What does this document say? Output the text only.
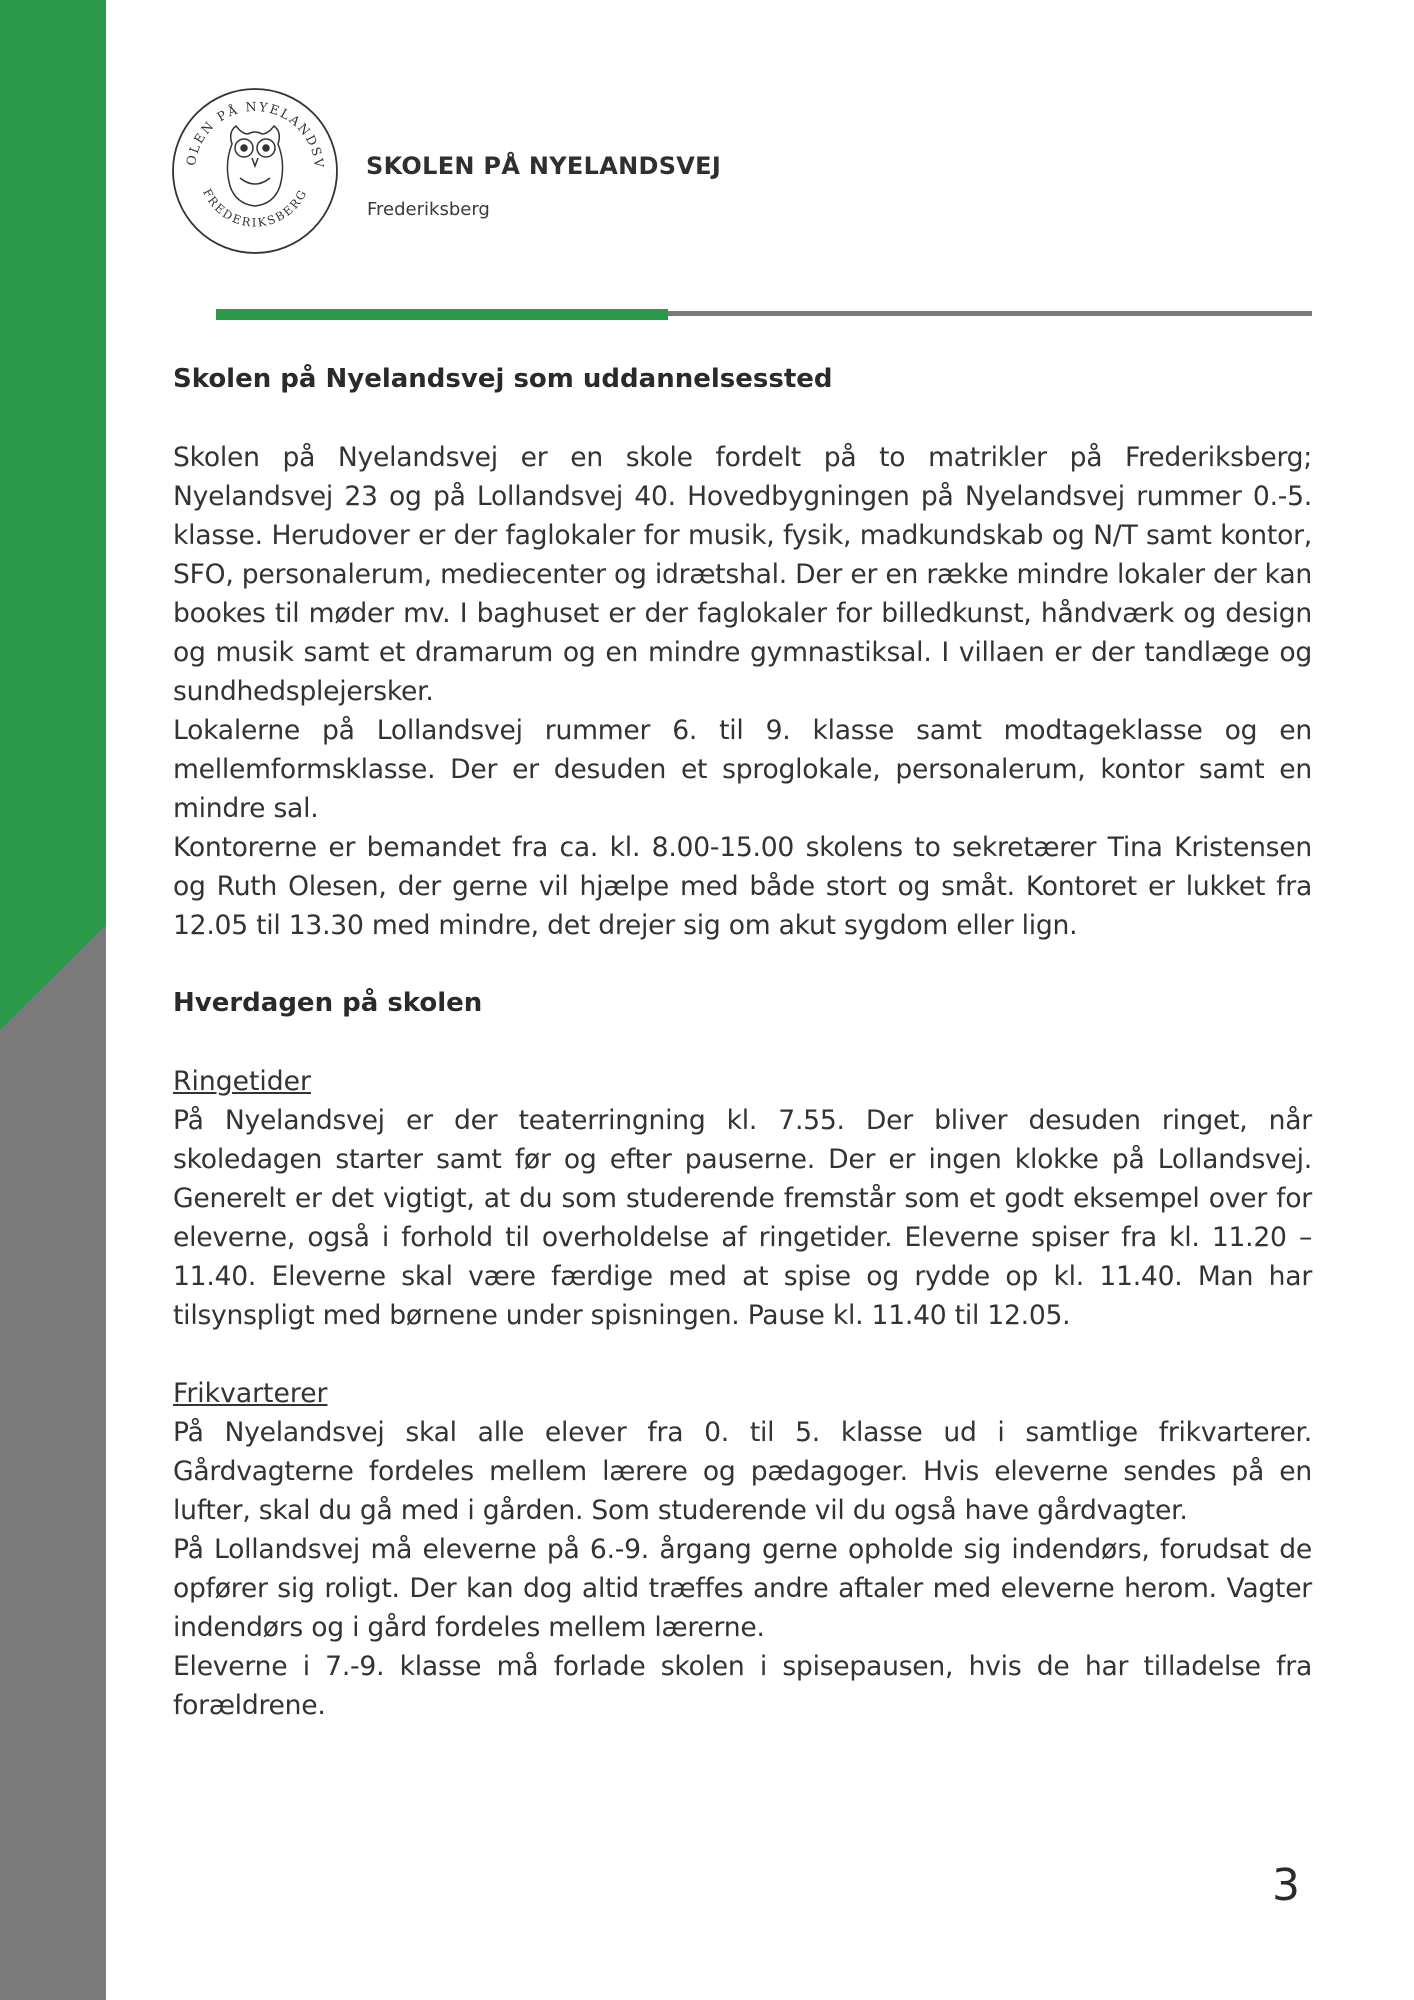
OLEN PÅ NYELANDSV
FREDERIKSBERG
SKOLEN PÅ NYELANDSVEJ
Frederiksberg
Skolen på Nyelandsvej som uddannelsessted

Skolen på Nyelandsvej er en skole fordelt på to matrikler på Frederiksberg; Nyelandsvej 23 og på Lollandsvej 40. Hovedbygningen på Nyelandsvej rummer 0.-5. klasse. Herudover er der faglokaler for musik, fysik, madkundskab og N/T samt kontor, SFO, personalerum, mediecenter og idrætshal. Der er en række mindre lokaler der kan bookes til møder mv. I baghuset er der faglokaler for billedkunst, håndværk og design og musik samt et dramarum og en mindre gymnastiksal. I villaen er der tandlæge og sundhedsplejersker.

Lokalerne på Lollandsvej rummer 6. til 9. klasse samt modtageklasse og en mellemformsklasse. Der er desuden et sproglokale, personalerum, kontor samt en mindre sal.

Kontorerne er bemandet fra ca. kl. 8.00-15.00 skolens to sekretærer Tina Kristensen og Ruth Olesen, der gerne vil hjælpe med både stort og småt. Kontoret er lukket fra 12.05 til 13.30 med mindre, det drejer sig om akut sygdom eller lign.

Hverdagen på skolen

Ringetider

På Nyelandsvej er der teaterringning kl. 7.55. Der bliver desuden ringet, når skoledagen starter samt før og efter pauserne. Der er ingen klokke på Lollandsvej. Generelt er det vigtigt, at du som studerende fremstår som et godt eksempel over for eleverne, også i forhold til overholdelse af ringetider. Eleverne spiser fra kl. 11.20 – 11.40. Eleverne skal være færdige med at spise og rydde op kl. 11.40. Man har tilsynspligt med børnene under spisningen. Pause kl. 11.40 til 12.05.

Frikvarterer

På Nyelandsvej skal alle elever fra 0. til 5. klasse ud i samtlige frikvarterer. Gårdvagterne fordeles mellem lærere og pædagoger. Hvis eleverne sendes på en lufter, skal du gå med i gården. Som studerende vil du også have gårdvagter.

På Lollandsvej må eleverne på 6.-9. årgang gerne opholde sig indendørs, forudsat de opfører sig roligt. Der kan dog altid træffes andre aftaler med eleverne herom. Vagter indendørs og i gård fordeles mellem lærerne.

Eleverne i 7.-9. klasse må forlade skolen i spisepausen, hvis de har tilladelse fra forældrene.

3
